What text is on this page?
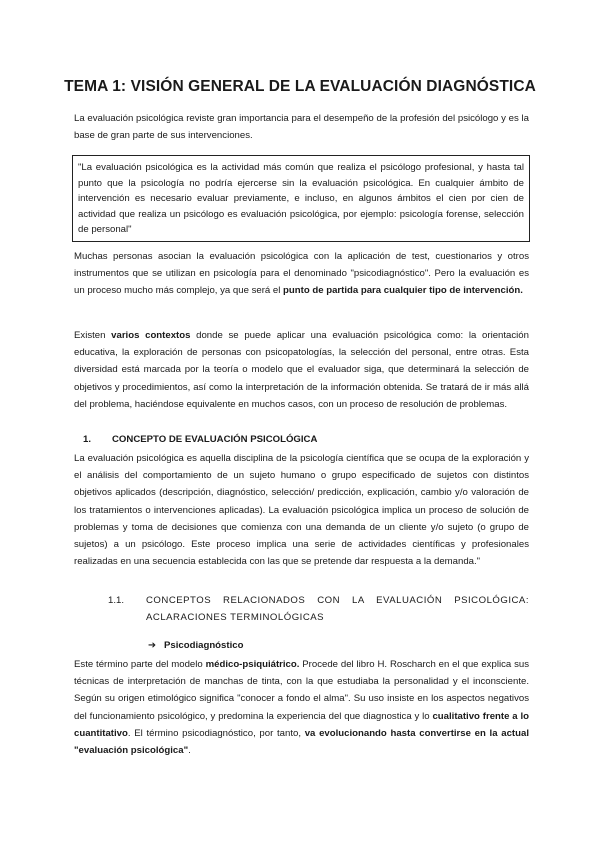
TEMA 1: VISIÓN GENERAL DE LA EVALUACIÓN DIAGNÓSTICA

La evaluación psicológica reviste gran importancia para el desempeño de la profesión del psicólogo y es la base de gran parte de sus intervenciones.

"La evaluación psicológica es la actividad más común que realiza el psicólogo profesional, y hasta tal punto que la psicología no podría ejercerse sin la evaluación psicológica. En cualquier ámbito de intervención es necesario evaluar previamente, e incluso, en algunos ámbitos el cien por cien de actividad que realiza un psicólogo es evaluación psicológica, por ejemplo: psicología forense, selección de personal"

Muchas personas asocian la evaluación psicológica con la aplicación de test, cuestionarios y otros instrumentos que se utilizan en psicología para el denominado "psicodiagnóstico". Pero la evaluación es un proceso mucho más complejo, ya que será el punto de partida para cualquier tipo de intervención.

Existen varios contextos donde se puede aplicar una evaluación psicológica como: la orientación educativa, la exploración de personas con psicopatologías, la selección del personal, entre otras. Esta diversidad está marcada por la teoría o modelo que el evaluador siga, que determinará la selección de objetivos y procedimientos, así como la interpretación de la información obtenida. Se tratará de ir más allá del problema, haciéndose equivalente en muchos casos, con un proceso de resolución de problemas.

1. CONCEPTO DE EVALUACIÓN PSICOLÓGICA

La evaluación psicológica es aquella disciplina de la psicología científica que se ocupa de la exploración y el análisis del comportamiento de un sujeto humano o grupo especificado de sujetos con distintos objetivos aplicados (descripción, diagnóstico, selección/ predicción, explicación, cambio y/o valoración de los tratamientos o intervenciones aplicadas). La evaluación psicológica implica un proceso de solución de problemas y toma de decisiones que comienza con una demanda de un cliente y/o sujeto (o grupo de sujetos) a un psicólogo. Este proceso implica una serie de actividades científicas y profesionales realizadas en una secuencia establecida con las que se pretende dar respuesta a la demanda."

1.1. CONCEPTOS RELACIONADOS CON LA EVALUACIÓN PSICOLÓGICA: ACLARACIONES TERMINOLÓGICAS
➔ Psicodiagnóstico

Este término parte del modelo médico-psiquiátrico. Procede del libro H. Roscharch en el que explica sus técnicas de interpretación de manchas de tinta, con la que estudiaba la personalidad y el inconsciente. Según su origen etimológico significa "conocer a fondo el alma". Su uso insiste en los aspectos negativos del funcionamiento psicológico, y predomina la experiencia del que diagnostica y lo cualitativo frente a lo cuantitativo. El término psicodiagnóstico, por tanto, va evolucionando hasta convertirse en la actual "evaluación psicológica".
